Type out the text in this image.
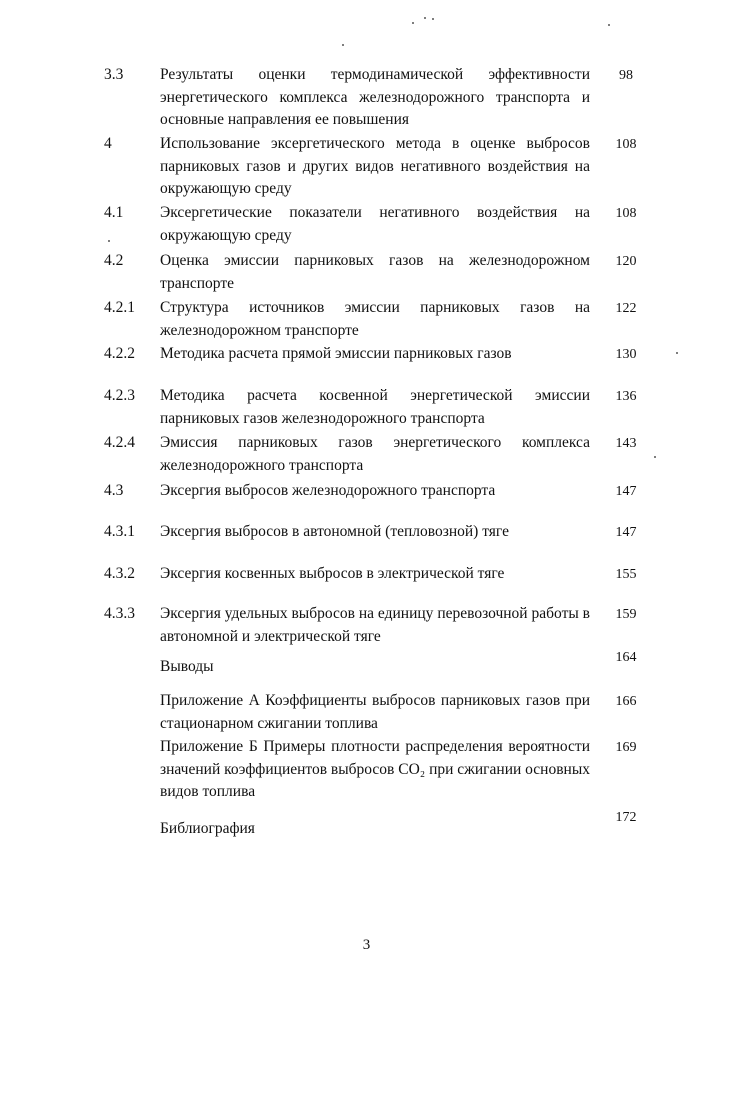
3.3 Результаты оценки термодинамической эффективности энергетического комплекса железнодорожного транспорта и основные направления ее повышения
98
4	Использование эксергетического метода в оценке выбросов парниковых газов и других видов негативного воздействия на окружающую среду
108
4.1 Эксергетические показатели негативного воздействия на окружающую среду
108
4.2 Оценка эмиссии парниковых газов на железнодорожном транспорте
120
4.2.1 Структура источников эмиссии парниковых газов на железнодорожном транспорте
122
4.2.2 Методика расчета прямой эмиссии парниковых газов	130
4.2.3 Методика расчета косвенной энергетической эмиссии парниковых газов железнодорожного транспорта
136
4.2.4 Эмиссия парниковых газов энергетического комплекса железнодорожного транспорта
143
4.3 Эксергия выбросов железнодорожного транспорта	147
4.3.1 Эксергия выбросов в автономной (тепловозной) тяге	147
4.3.2 Эксергия косвенных выбросов в электрической тяге	155
4.3.3 Эксергия удельных выбросов на единицу перевозочной работы в автономной и электрической тяге
159
Выводы
164
Приложение А Коэффициенты выбросов парниковых газов при стационарном сжигании топлива
166
Приложение Б Примеры плотности распределения вероятности значений коэффициентов выбросов CO₂ при сжигании основных видов топлива
169
Библиография
172
3
